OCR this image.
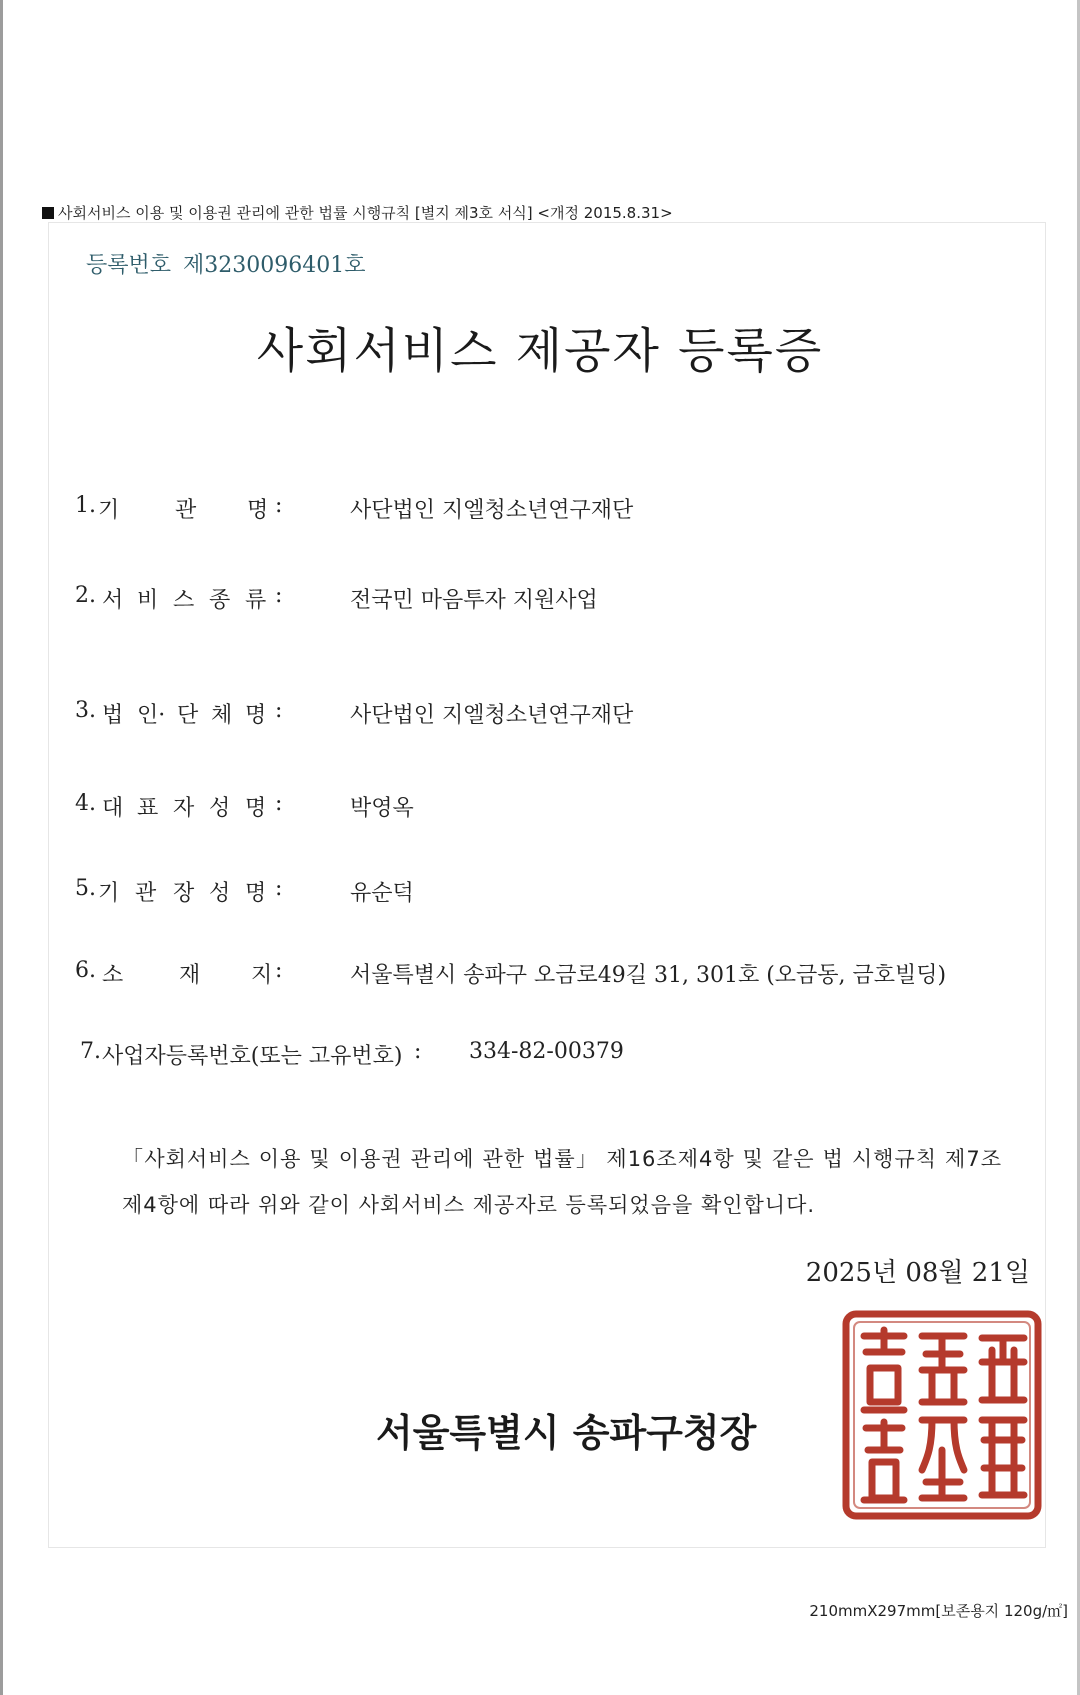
사회서비스 이용 및 이용권 관리에 관한 법률 시행규칙 [별지 제3호 서식] <개정 2015.8.31>
등록번호 제3230096401호
사회서비스 제공자 등록증
1. 기	관 명 :	사단법인 지엘청소년연구재단
2. 서 비 스 종 류 :	전국민 마음투자 지원사업
3. 법 인· 단 체 명 :	사단법인 지엘청소년연구재단
4. 대 표 자 성 명 :	박영옥
5. 기 관 장 성 명 :	유순덕
6. 소	재 지 :	서울특별시 송파구 오금로49길 31, 301호 (오금동, 금호빌딩)
7. 사업자등록번호(또는 고유번호) : 334-82-00379
「사회서비스 이용 및 이용권 관리에 관한 법률」 제16조제4항 및 같은 법 시행규칙 제7조제4항에 따라 위와 같이 사회서비스 제공자로 등록되었음을 확인합니다.
2025년 08월 21일
서울특별시 송파구청장
210mmX297mm[보존용지 120g/㎡]
